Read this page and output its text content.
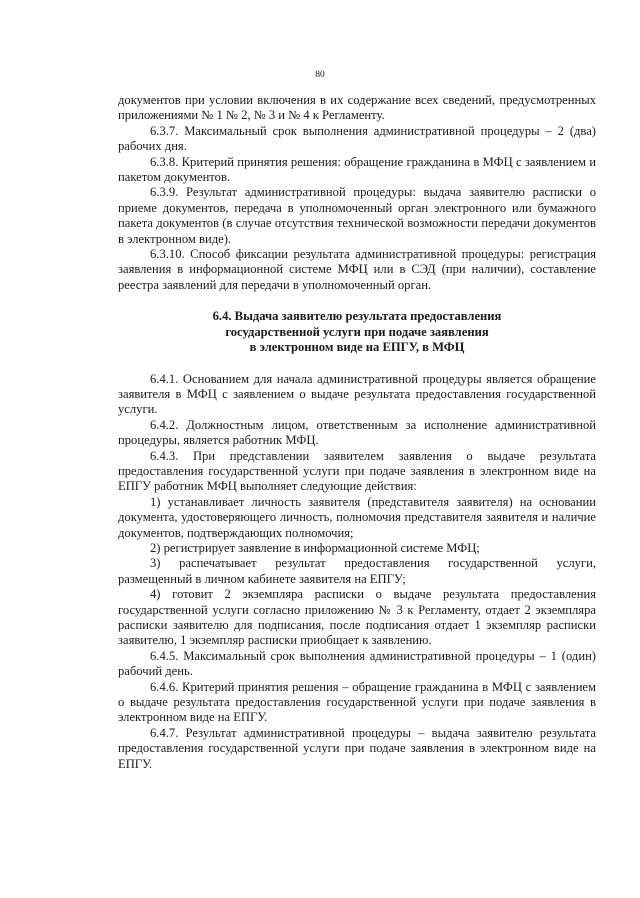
80

документов при условии включения в их содержание всех сведений, предусмотренных приложениями № 1 № 2, № 3 и № 4 к Регламенту.

6.3.7. Максимальный срок выполнения административной процедуры – 2 (два) рабочих дня.

6.3.8. Критерий принятия решения: обращение гражданина в МФЦ с заявлением и пакетом документов.

6.3.9. Результат административной процедуры: выдача заявителю расписки о приеме документов, передача в уполномоченный орган электронного или бумажного пакета документов (в случае отсутствия технической возможности передачи документов в электронном виде).

6.3.10. Способ фиксации результата административной процедуры: регистрация заявления в информационной системе МФЦ или в СЭД (при наличии), составление реестра заявлений для передачи в уполномоченный орган.

6.4. Выдача заявителю результата предоставления
государственной услуги при подаче заявления
в электронном виде на ЕПГУ, в МФЦ

6.4.1. Основанием для начала административной процедуры является обращение заявителя в МФЦ с заявлением о выдаче результата предоставления государственной услуги.

6.4.2. Должностным лицом, ответственным за исполнение административной процедуры, является работник МФЦ.

6.4.3. При представлении заявителем заявления о выдаче результата предоставления государственной услуги при подаче заявления в электронном виде на ЕПГУ работник МФЦ выполняет следующие действия:

1) устанавливает личность заявителя (представителя заявителя) на основании документа, удостоверяющего личность, полномочия представителя заявителя и наличие документов, подтверждающих полномочия;

2) регистрирует заявление в информационной системе МФЦ;

3) распечатывает результат предоставления государственной услуги, размещенный в личном кабинете заявителя на ЕПГУ;

4) готовит 2 экземпляра расписки о выдаче результата предоставления государственной услуги согласно приложению № 3 к Регламенту, отдает 2 экземпляра расписки заявителю для подписания, после подписания отдает 1 экземпляр расписки заявителю, 1 экземпляр расписки приобщает к заявлению.

6.4.5. Максимальный срок выполнения административной процедуры – 1 (один) рабочий день.

6.4.6. Критерий принятия решения – обращение гражданина в МФЦ с заявлением о выдаче результата предоставления государственной услуги при подаче заявления в электронном виде на ЕПГУ.

6.4.7. Результат административной процедуры – выдача заявителю результата предоставления государственной услуги при подаче заявления в электронном виде на ЕПГУ.
